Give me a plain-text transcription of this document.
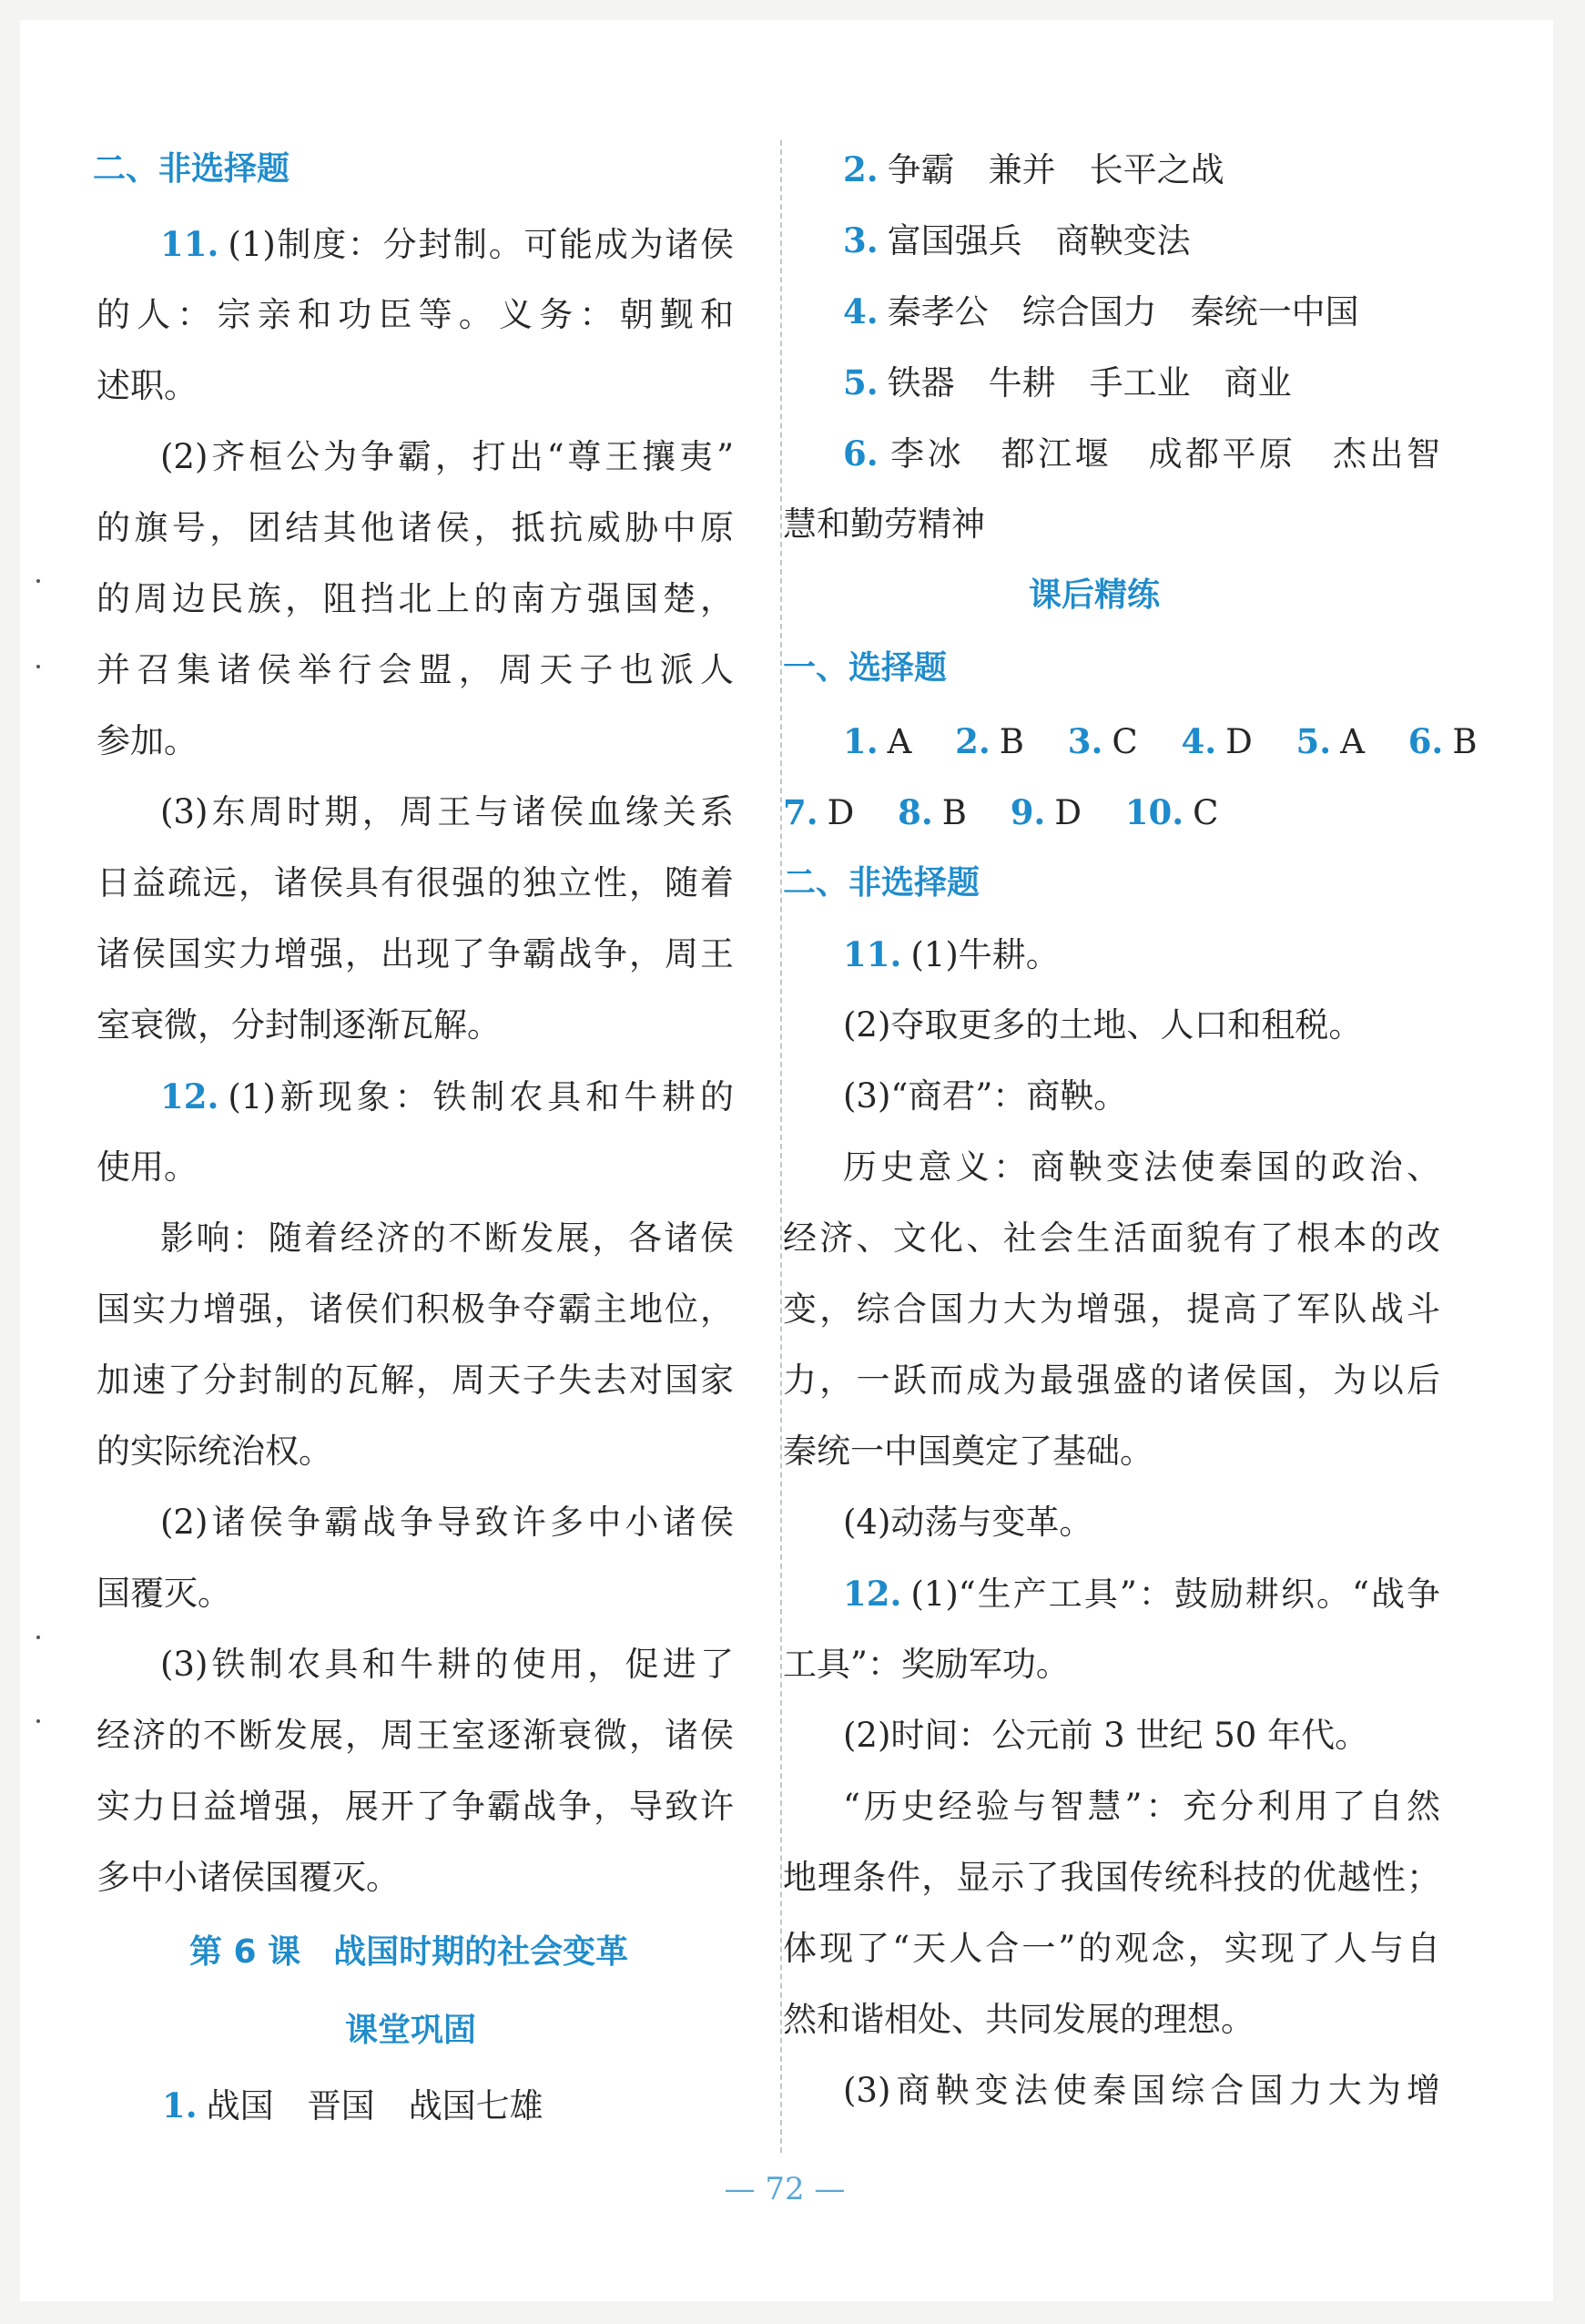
二、非选择题
11. (1)制度：分封制。可能成为诸侯
的人：宗亲和功臣等。义务：朝觐和
述职。
(2)齐桓公为争霸，打出“尊王攘夷”
的旗号，团结其他诸侯，抵抗威胁中原
的周边民族，阻挡北上的南方强国楚，
并召集诸侯举行会盟，周天子也派人
参加。
(3)东周时期，周王与诸侯血缘关系
日益疏远，诸侯具有很强的独立性，随着
诸侯国实力增强，出现了争霸战争，周王
室衰微，分封制逐渐瓦解。
12. (1)新现象：铁制农具和牛耕的
使用。
影响：随着经济的不断发展，各诸侯
国实力增强，诸侯们积极争夺霸主地位，
加速了分封制的瓦解，周天子失去对国家
的实际统治权。
(2)诸侯争霸战争导致许多中小诸侯
国覆灭。
(3)铁制农具和牛耕的使用，促进了
经济的不断发展，周王室逐渐衰微，诸侯
实力日益增强，展开了争霸战争，导致许
多中小诸侯国覆灭。
第 6 课　战国时期的社会变革
课堂巩固
1. 战国　晋国　战国七雄
2. 争霸　兼并　长平之战
3. 富国强兵　商鞅变法
4. 秦孝公　综合国力　秦统一中国
5. 铁器　牛耕　手工业　商业
6. 李冰　都江堰　成都平原　杰出智
慧和勤劳精神
课后精练
一、选择题
1. A 2. B 3. C 4. D 5. A 6. B
7. D 8. B 9. D 10. C
二、非选择题
11. (1)牛耕。
(2)夺取更多的土地、人口和租税。
(3)“商君”：商鞅。
历史意义：商鞅变法使秦国的政治、
经济、文化、社会生活面貌有了根本的改
变，综合国力大为增强，提高了军队战斗
力，一跃而成为最强盛的诸侯国，为以后
秦统一中国奠定了基础。
(4)动荡与变革。
12. (1)“生产工具”：鼓励耕织。“战争
工具”：奖励军功。
(2)时间：公元前 3 世纪 50 年代。
“历史经验与智慧”：充分利用了自然
地理条件，显示了我国传统科技的优越性；
体现了“天人合一”的观念，实现了人与自
然和谐相处、共同发展的理想。
(3)商鞅变法使秦国综合国力大为增
— 72 —
